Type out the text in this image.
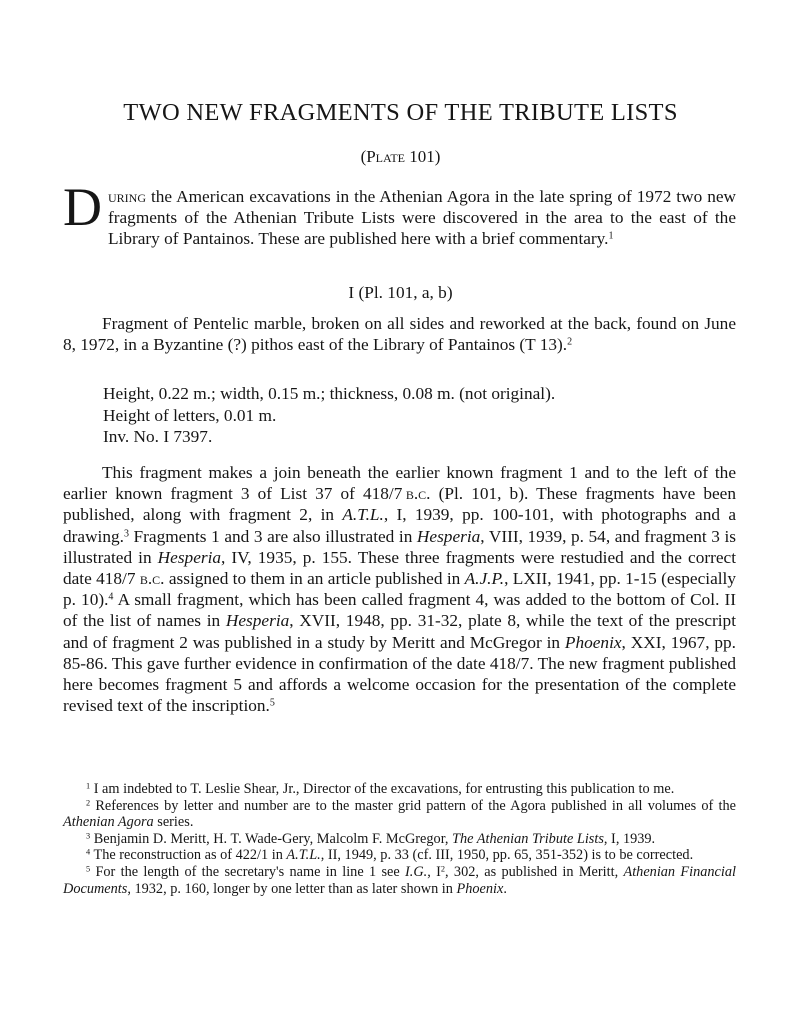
TWO NEW FRAGMENTS OF THE TRIBUTE LISTS

(Plate 101)

During the American excavations in the Athenian Agora in the late spring of 1972 two new fragments of the Athenian Tribute Lists were discovered in the area to the east of the Library of Pantainos. These are published here with a brief commentary.$^1$

I (Pl. 101, a, b)

Fragment of Pentelic marble, broken on all sides and reworked at the back, found on June 8, 1972, in a Byzantine (?) pithos east of the Library of Pantainos (T 13).$^2$

Height, 0.22 m.; width, 0.15 m.; thickness, 0.08 m. (not original).
Height of letters, 0.01 m.
Inv. No. I 7397.

This fragment makes a join beneath the earlier known fragment 1 and to the left of the earlier known fragment 3 of List 37 of 418/7  b.c. (Pl. 101, b). These fragments have been published, along with fragment 2, in A.T.L., I, 1939, pp. 100-101, with photographs and a drawing.$^3$ Fragments 1 and 3 are also illustrated in Hesperia, VIII, 1939, p. 54, and fragment 3 is illustrated in Hesperia, IV, 1935, p. 155. These three fragments were restudied and the correct date 418/7 b.c. assigned to them in an article published in A.J.P., LXII, 1941, pp. 1-15 (especially p. 10).$^4$ A small fragment, which has been called fragment 4, was added to the bottom of Col. II of the list of names in Hesperia, XVII, 1948, pp. 31-32, plate 8, while the text of the prescript and of fragment 2 was published in a study by Meritt and McGregor in Phoenix, XXI, 1967, pp. 85-86. This gave further evidence in confirmation of the date 418/7. The new fragment published here becomes fragment 5 and affords a welcome occasion for the presentation of the complete revised text of the inscription.$^5$

$^1$ I am indebted to T. Leslie Shear, Jr., Director of the excavations, for entrusting this publication to me.

$^2$ References by letter and number are to the master grid pattern of the Agora published in all volumes of the Athenian Agora series.

$^3$ Benjamin D. Meritt, H. T. Wade-Gery, Malcolm F. McGregor, The Athenian Tribute Lists, I, 1939.

$^4$ The reconstruction as of 422/1 in A.T.L., II, 1949, p. 33 (cf. III, 1950, pp. 65, 351-352) is to be corrected.

$^5$ For the length of the secretary's name in line 1 see I.G., $I^2$, 302, as published in Meritt, Athenian Financial Documents, 1932, p. 160, longer by one letter than as later shown in Phoenix.
